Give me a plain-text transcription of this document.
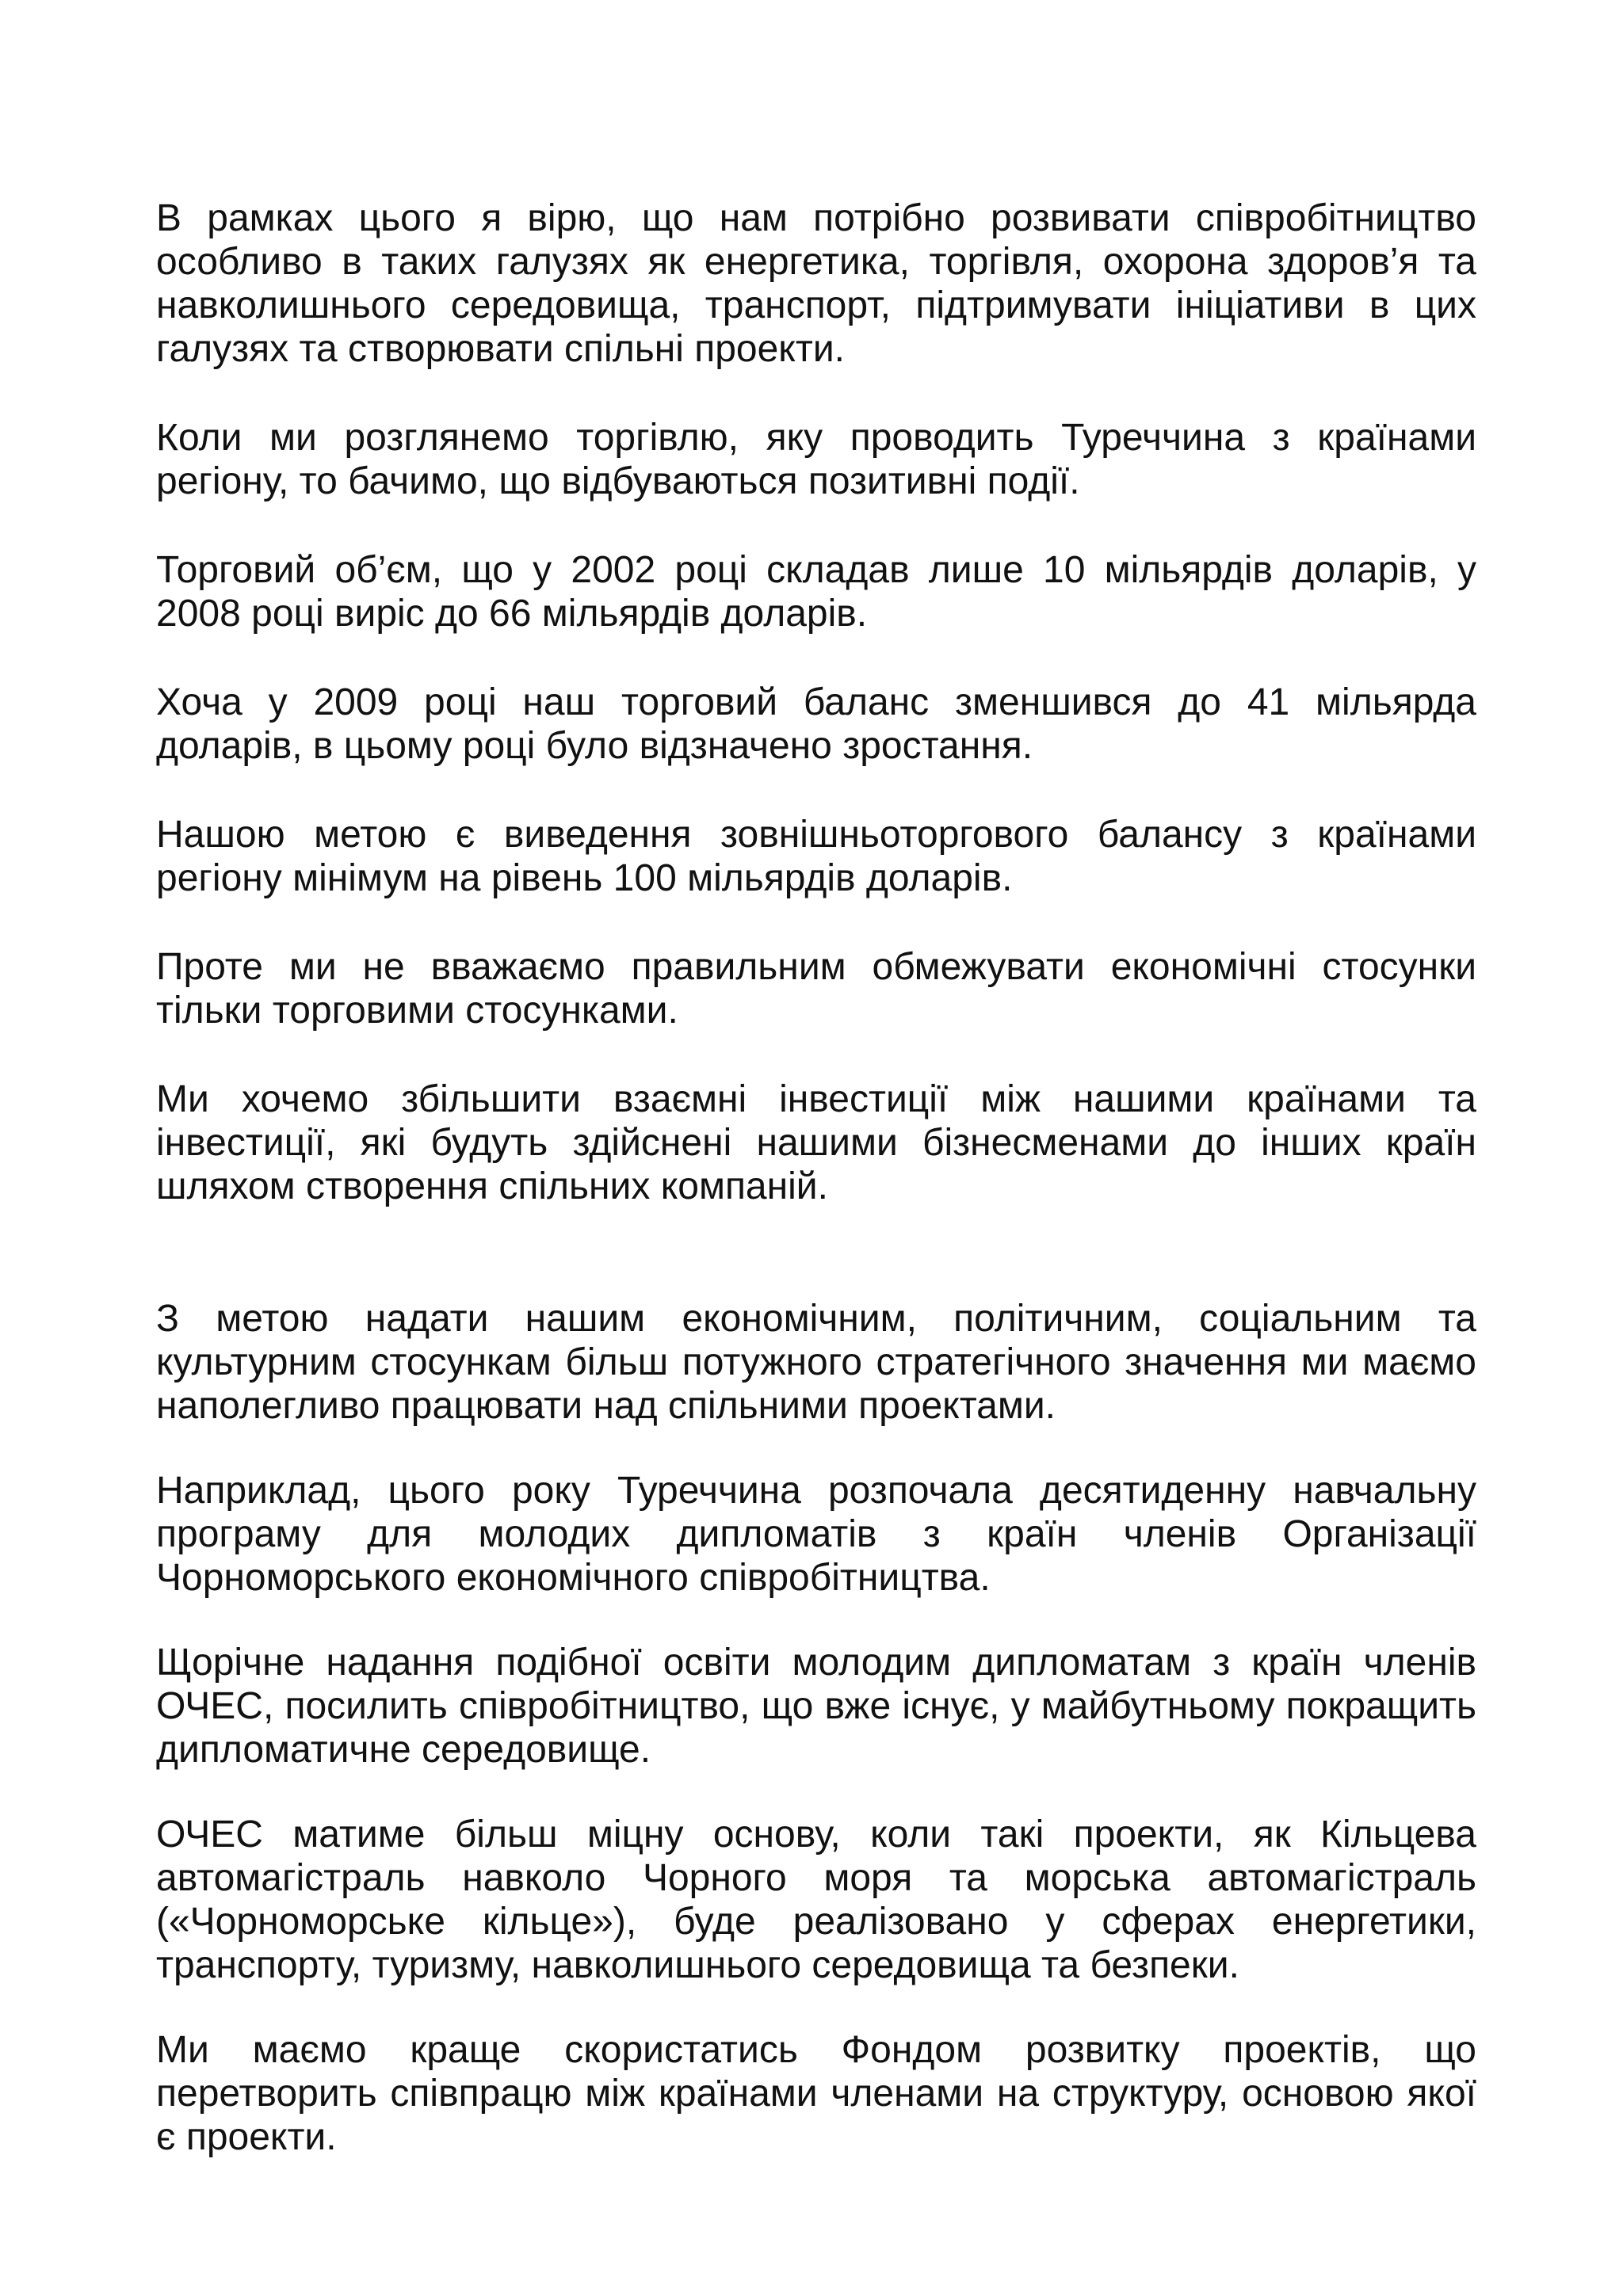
В рамках цього я вірю, що нам потрібно розвивати співробітництво особливо в таких галузях як енергетика, торгівля, охорона здоров’я та навколишнього середовища, транспорт, підтримувати ініціативи в цих галузях та створювати спільні проекти.

Коли ми розглянемо торгівлю, яку проводить Туреччина з країнами регіону, то бачимо, що відбуваються позитивні події.

Торговий об’єм, що у 2002 році складав лише 10 мільярдів доларів, у 2008 році виріс до 66 мільярдів доларів.

Хоча у 2009 році наш торговий баланс зменшився до 41 мільярда доларів, в цьому році було відзначено зростання.

Нашою метою є виведення зовнішньоторгового балансу з країнами регіону мінімум на рівень 100 мільярдів доларів.

Проте ми не вважаємо правильним обмежувати економічні стосунки тільки торговими стосунками.

Ми хочемо збільшити взаємні інвестиції між нашими країнами та інвестиції, які будуть здійснені нашими бізнесменами до інших країн шляхом створення спільних компаній.

З метою надати нашим економічним, політичним, соціальним та культурним стосункам більш потужного стратегічного значення ми маємо наполегливо працювати над спільними проектами.

Наприклад, цього року Туреччина розпочала десятиденну навчальну програму для молодих дипломатів з країн членів Організації Чорноморського економічного співробітництва.

Щорічне надання подібної освіти молодим дипломатам з країн членів ОЧЕС, посилить співробітництво, що вже існує, у майбутньому покращить дипломатичне середовище.

ОЧЕС матиме більш міцну основу, коли такі проекти, як Кільцева автомагістраль навколо Чорного моря та морська автомагістраль («Чорноморське кільце»), буде реалізовано у сферах енергетики, транспорту, туризму, навколишнього середовища та безпеки.

Ми маємо краще скористатись Фондом розвитку проектів, що перетворить співпрацю між країнами членами на структуру, основою якої є проекти.
